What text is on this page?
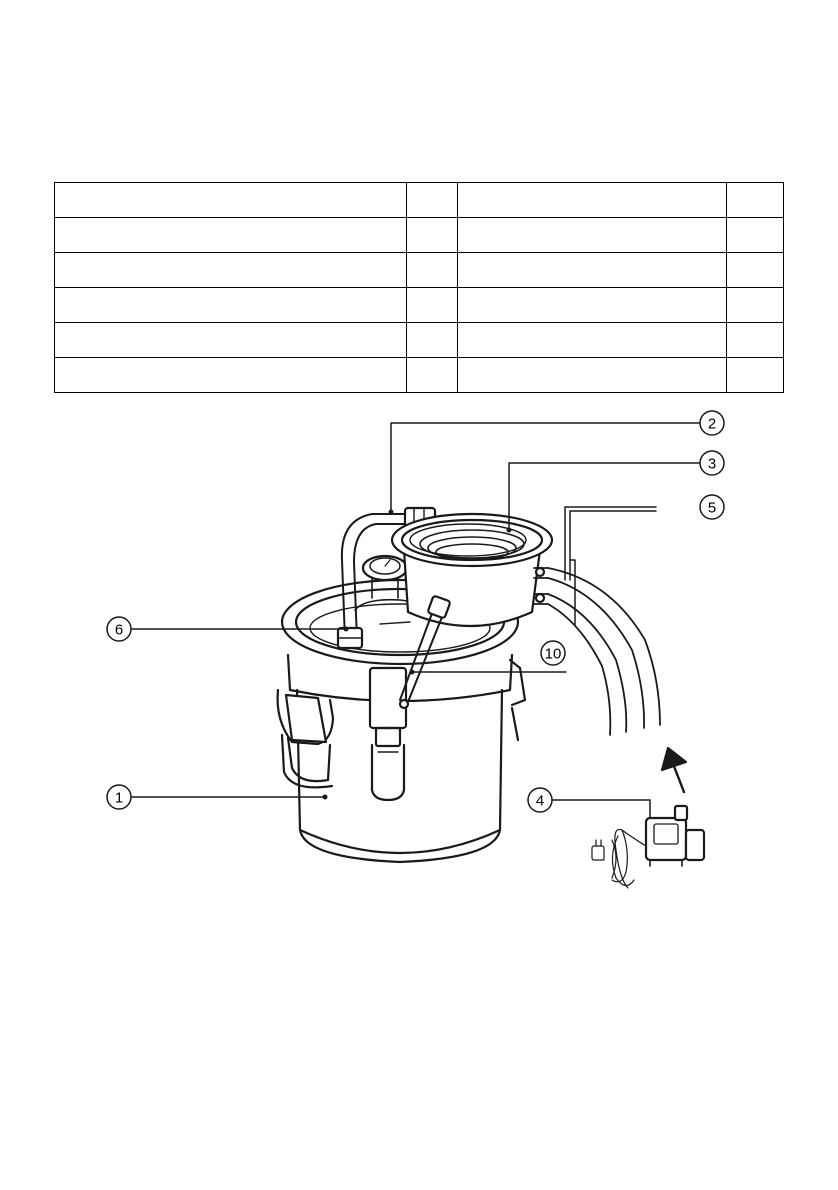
2
3
5
6
10
1	4
